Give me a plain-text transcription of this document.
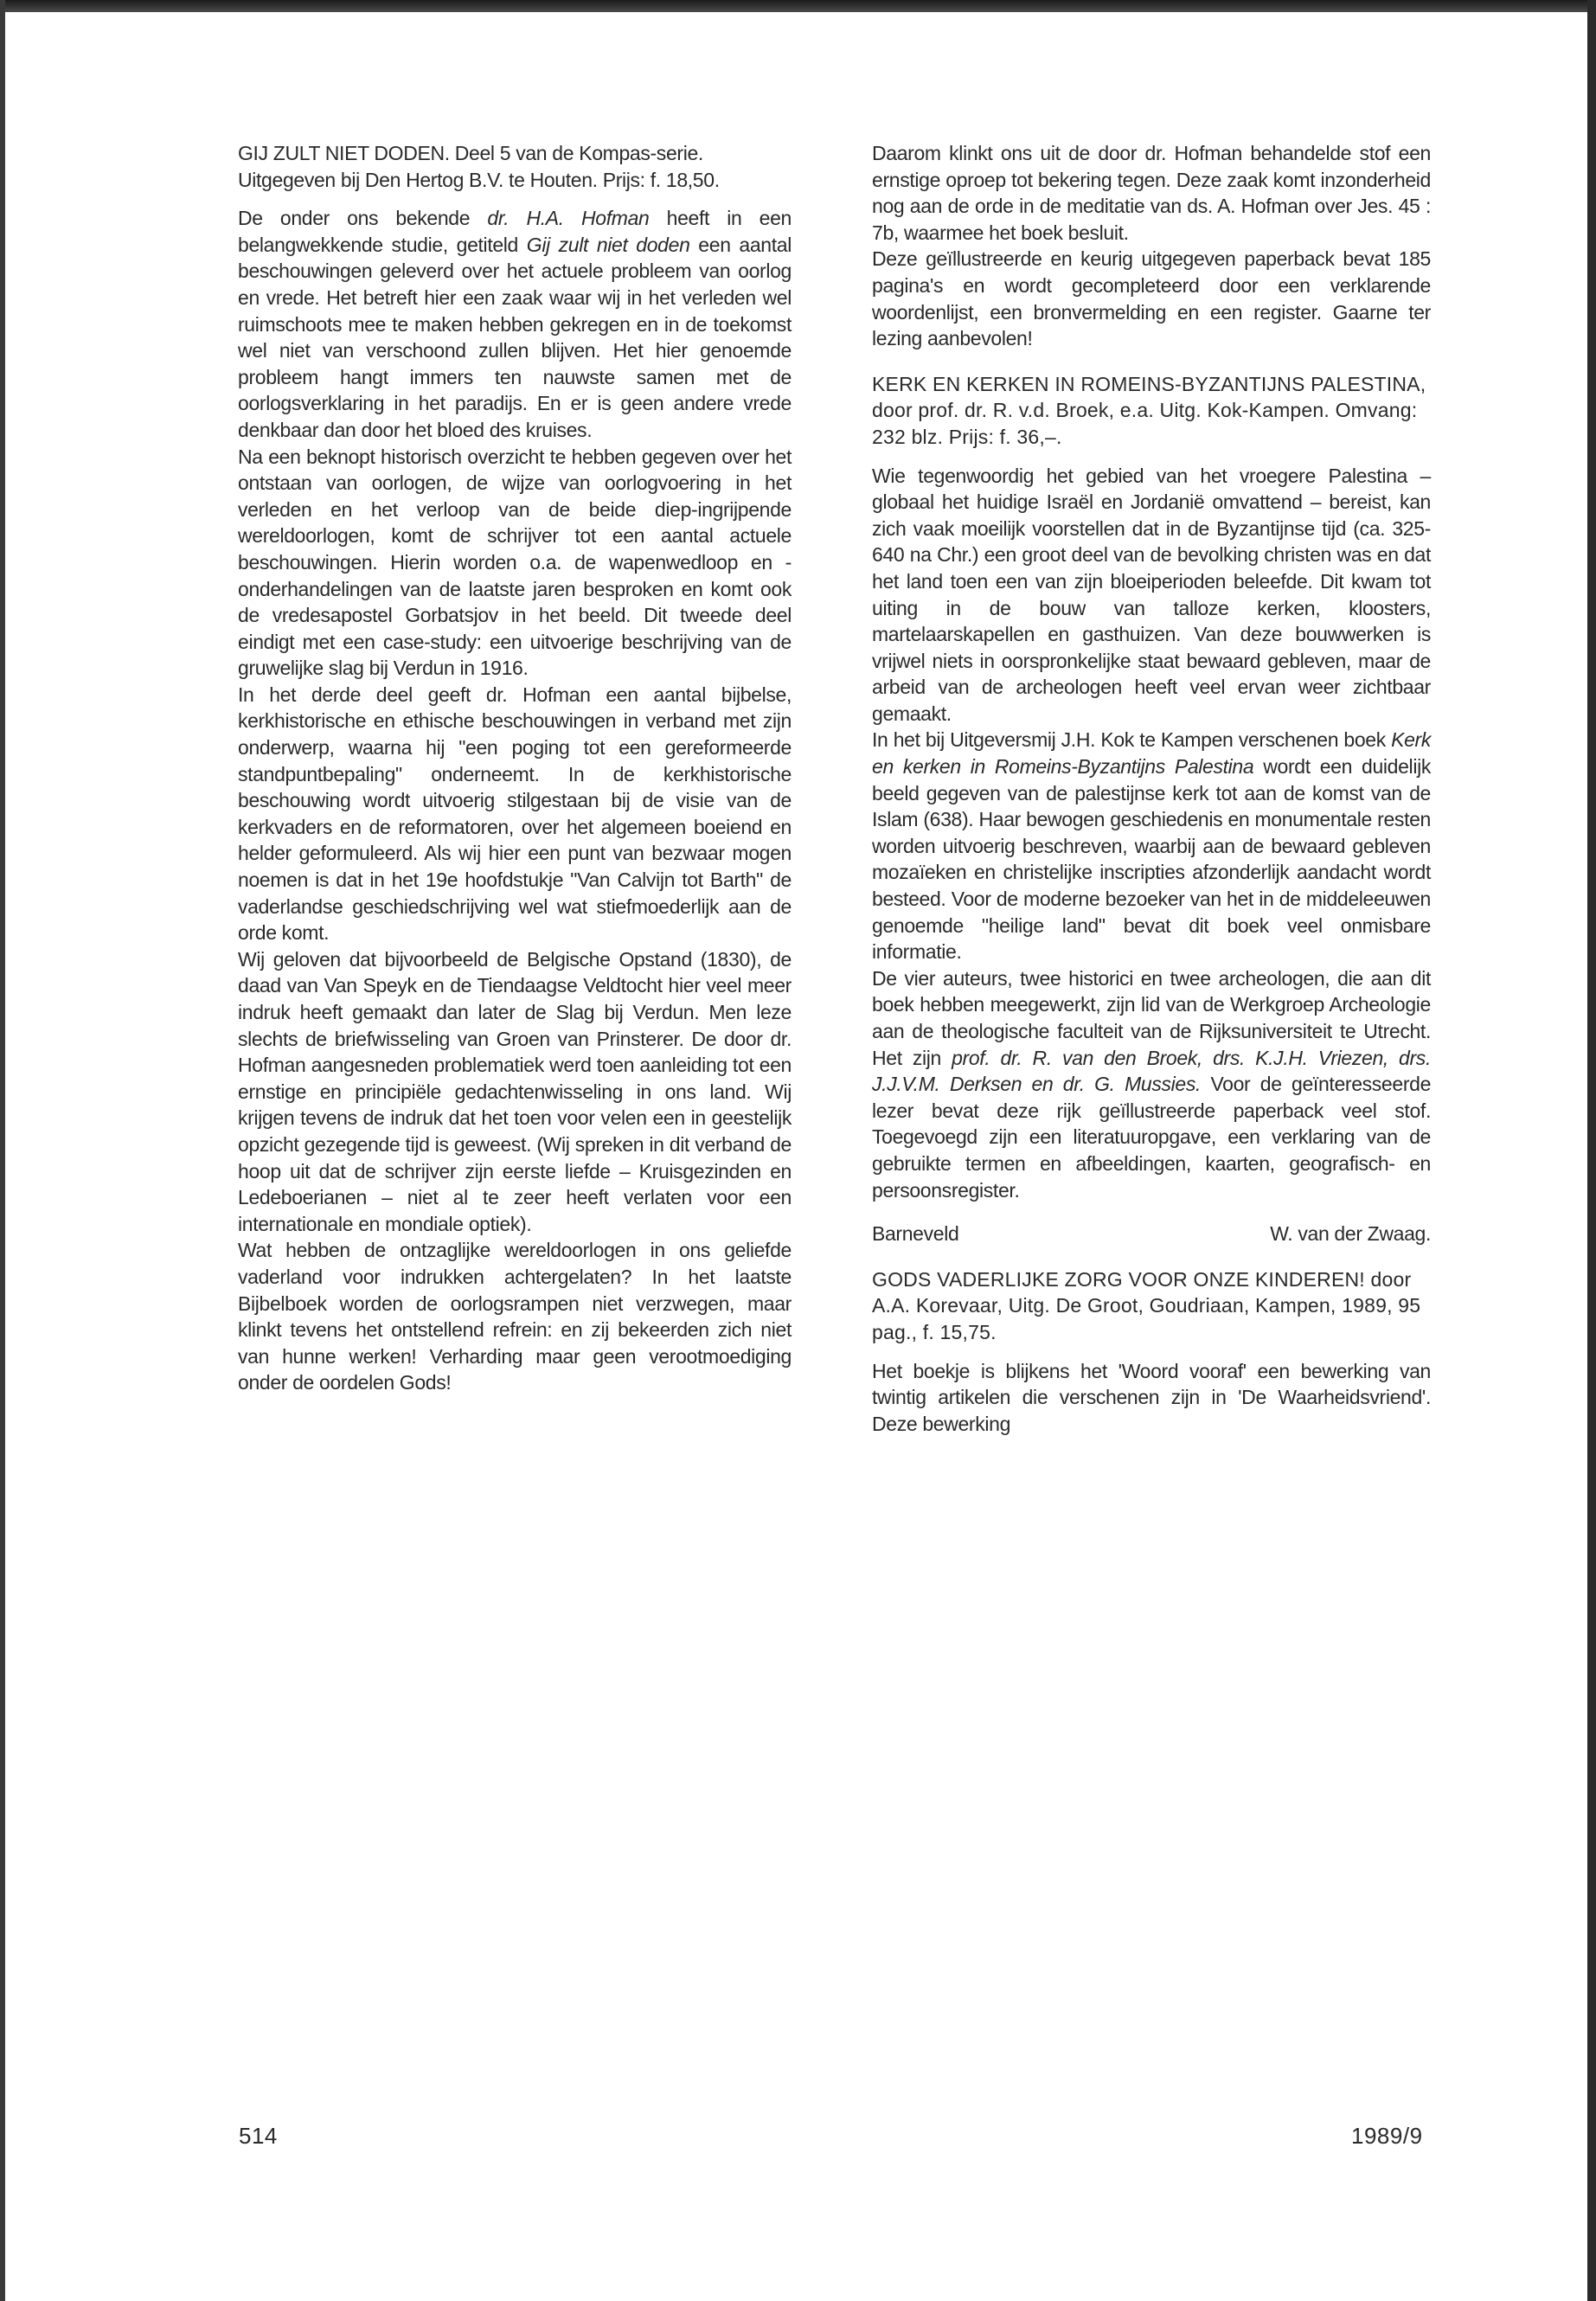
GIJ ZULT NIET DODEN. Deel 5 van de Kompas-serie. Uitgegeven bij Den Hertog B.V. te Houten. Prijs: f. 18,50.

De onder ons bekende dr. H.A. Hofman heeft in een belangwekkende studie, getiteld Gij zult niet doden een aantal beschouwingen geleverd over het actuele probleem van oorlog en vrede. Het betreft hier een zaak waar wij in het verleden wel ruimschoots mee te maken hebben gekregen en in de toekomst wel niet van verschoond zullen blijven. Het hier genoemde probleem hangt immers ten nauwste samen met de oorlogsverklaring in het paradijs. En er is geen andere vrede denkbaar dan door het bloed des kruises.

Na een beknopt historisch overzicht te hebben gegeven over het ontstaan van oorlogen, de wijze van oorlogvoering in het verleden en het verloop van de beide diep-ingrijpende wereldoorlogen, komt de schrijver tot een aantal actuele beschouwingen. Hierin worden o.a. de wapenwedloop en -onderhandelingen van de laatste jaren besproken en komt ook de vredesapostel Gorbatsjov in het beeld. Dit tweede deel eindigt met een case-study: een uitvoerige beschrijving van de gruwelijke slag bij Verdun in 1916.

In het derde deel geeft dr. Hofman een aantal bijbelse, kerkhistorische en ethische beschouwingen in verband met zijn onderwerp, waarna hij "een poging tot een gereformeerde standpuntbepaling" onderneemt. In de kerkhistorische beschouwing wordt uitvoerig stilgestaan bij de visie van de kerkvaders en de reformatoren, over het algemeen boeiend en helder geformuleerd. Als wij hier een punt van bezwaar mogen noemen is dat in het 19e hoofdstukje "Van Calvijn tot Barth" de vaderlandse geschiedschrijving wel wat stiefmoederlijk aan de orde komt.

Wij geloven dat bijvoorbeeld de Belgische Opstand (1830), de daad van Van Speyk en de Tiendaagse Veldtocht hier veel meer indruk heeft gemaakt dan later de Slag bij Verdun. Men leze slechts de briefwisseling van Groen van Prinsterer. De door dr. Hofman aangesneden problematiek werd toen aanleiding tot een ernstige en principiële gedachtenwisseling in ons land. Wij krijgen tevens de indruk dat het toen voor velen een in geestelijk opzicht gezegende tijd is geweest. (Wij spreken in dit verband de hoop uit dat de schrijver zijn eerste liefde – Kruisgezinden en Ledeboerianen – niet al te zeer heeft verlaten voor een internationale en mondiale optiek).

Wat hebben de ontzaglijke wereldoorlogen in ons geliefde vaderland voor indrukken achtergelaten? In het laatste Bijbelboek worden de oorlogsrampen niet verzwegen, maar klinkt tevens het ontstellend refrein: en zij bekeerden zich niet van hunne werken! Verharding maar geen verootmoediging onder de oordelen Gods!

Daarom klinkt ons uit de door dr. Hofman behandelde stof een ernstige oproep tot bekering tegen. Deze zaak komt inzonderheid nog aan de orde in de meditatie van ds. A. Hofman over Jes. 45 : 7b, waarmee het boek besluit.

Deze geïllustreerde en keurig uitgegeven paperback bevat 185 pagina's en wordt gecompleteerd door een verklarende woordenlijst, een bronvermelding en een register. Gaarne ter lezing aanbevolen!

KERK EN KERKEN IN ROMEINS-BYZANTIJNS PALESTINA, door prof. dr. R. v.d. Broek, e.a. Uitg. Kok-Kampen. Omvang: 232 blz. Prijs: f. 36,–.

Wie tegenwoordig het gebied van het vroegere Palestina – globaal het huidige Israël en Jordanië omvattend – bereist, kan zich vaak moeilijk voorstellen dat in de Byzantijnse tijd (ca. 325-640 na Chr.) een groot deel van de bevolking christen was en dat het land toen een van zijn bloeiperioden beleefde. Dit kwam tot uiting in de bouw van talloze kerken, kloosters, martelaarskapellen en gasthuizen. Van deze bouwwerken is vrijwel niets in oorspronkelijke staat bewaard gebleven, maar de arbeid van de archeologen heeft veel ervan weer zichtbaar gemaakt.

In het bij Uitgeversmij J.H. Kok te Kampen verschenen boek Kerk en kerken in Romeins-Byzantijns Palestina wordt een duidelijk beeld gegeven van de palestijnse kerk tot aan de komst van de Islam (638). Haar bewogen geschiedenis en monumentale resten worden uitvoerig beschreven, waarbij aan de bewaard gebleven mozaïeken en christelijke inscripties afzonderlijk aandacht wordt besteed. Voor de moderne bezoeker van het in de middeleeuwen genoemde "heilige land" bevat dit boek veel onmisbare informatie.

De vier auteurs, twee historici en twee archeologen, die aan dit boek hebben meegewerkt, zijn lid van de Werkgroep Archeologie aan de theologische faculteit van de Rijksuniversiteit te Utrecht. Het zijn prof. dr. R. van den Broek, drs. K.J.H. Vriezen, drs. J.J.V.M. Derksen en dr. G. Mussies. Voor de geïnteresseerde lezer bevat deze rijk geïllustreerde paperback veel stof. Toegevoegd zijn een literatuuropgave, een verklaring van de gebruikte termen en afbeeldingen, kaarten, geografisch- en persoonsregister.

Barneveld	W. van der Zwaag.

GODS VADERLIJKE ZORG VOOR ONZE KINDEREN! door A.A. Korevaar, Uitg. De Groot, Goudriaan, Kampen, 1989, 95 pag., f. 15,75.

Het boekje is blijkens het 'Woord vooraf' een bewerking van twintig artikelen die verschenen zijn in 'De Waarheidsvriend'. Deze bewerking

514	1989/9
